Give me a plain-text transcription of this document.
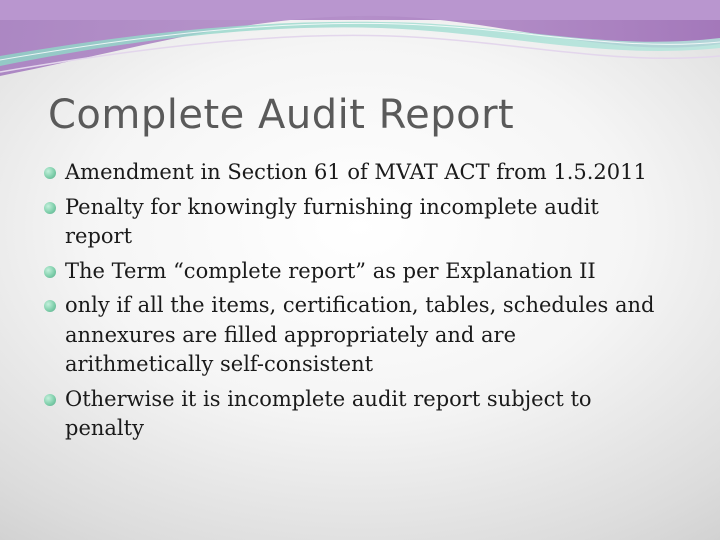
Complete Audit Report
Amendment in Section 61 of MVAT ACT from 1.5.2011
Penalty for knowingly furnishing incomplete audit report
The Term “complete report” as per Explanation II
only if all the items, certification, tables, schedules and annexures are filled appropriately and are arithmetically self-consistent
Otherwise it is incomplete audit report subject to penalty
